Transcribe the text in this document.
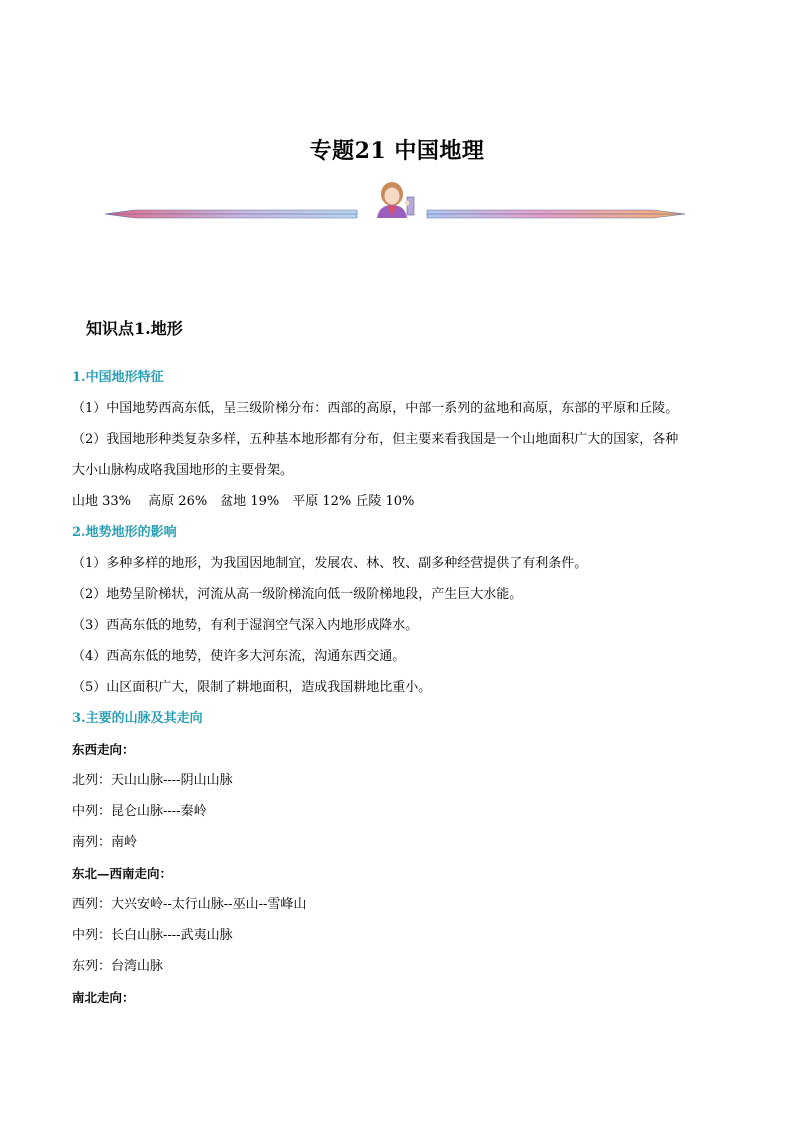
专题21 中国地理
知识点1.地形
1.中国地形特征
（1）中国地势西高东低，呈三级阶梯分布：西部的高原，中部一系列的盆地和高原，东部的平原和丘陵。
（2）我国地形种类复杂多样，五种基本地形都有分布，但主要来看我国是一个山地面积广大的国家，各种
大小山脉构成咯我国地形的主要骨架。
山地 33%　 高原 26%　盆地 19%　平原 12% 丘陵 10%
2.地势地形的影响
（1）多种多样的地形，为我国因地制宜，发展农、林、牧、副多种经营提供了有利条件。
（2）地势呈阶梯状，河流从高一级阶梯流向低一级阶梯地段，产生巨大水能。
（3）西高东低的地势，有利于湿润空气深入内地形成降水。
（4）西高东低的地势，使许多大河东流，沟通东西交通。
（5）山区面积广大，限制了耕地面积，造成我国耕地比重小。
3.主要的山脉及其走向
东西走向：
北列：天山山脉----阴山山脉
中列：昆仑山脉----秦岭
南列：南岭
东北—西南走向：
西列：大兴安岭--太行山脉--巫山--雪峰山
中列：长白山脉----武夷山脉
东列：台湾山脉
南北走向：
